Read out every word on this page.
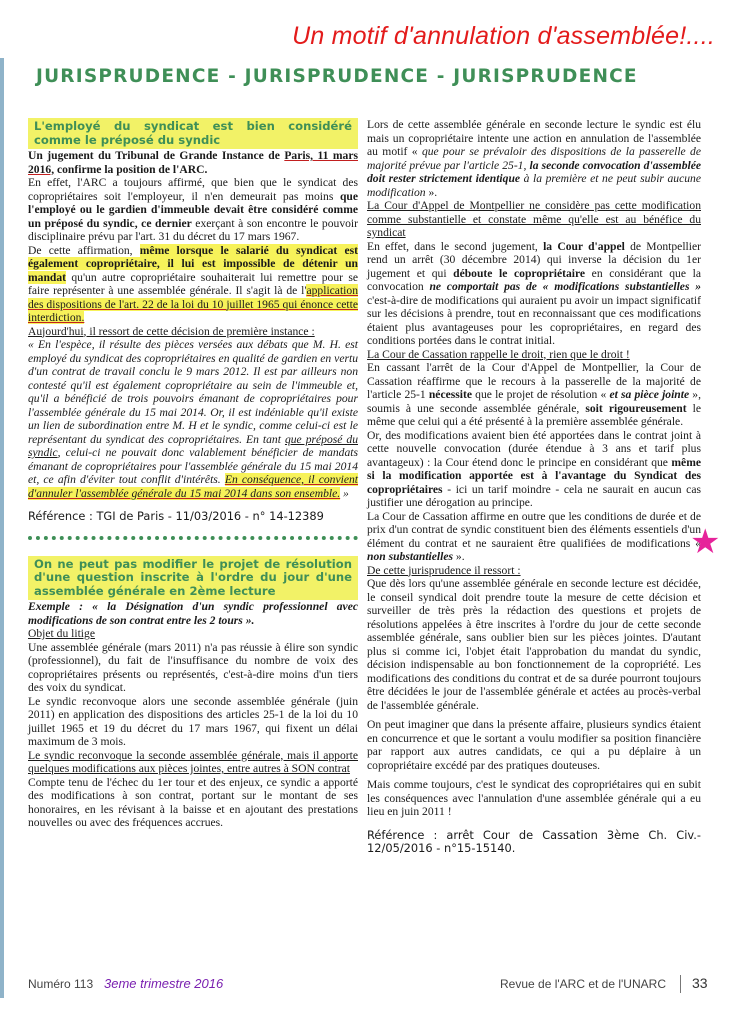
Un motif d'annulation d'assemblée!....
JURISPRUDENCE - JURISPRUDENCE - JURISPRUDENCE

L'employé du syndicat est bien considéré comme le préposé du syndic

Un jugement du Tribunal de Grande Instance de Paris, 11 mars 2016, confirme la position de l'ARC.

En effet, l'ARC a toujours affirmé, que bien que le syndicat des copropriétaires soit l'employeur, il n'en demeurait pas moins que l'employé ou le gardien d'immeuble devait être considéré comme un préposé du syndic, ce dernier exerçant à son encontre le pouvoir disciplinaire prévu par l'art. 31 du décret du 17 mars 1967.

De cette affirmation, même lorsque le salarié du syndicat est également copropriétaire, il lui est impossible de détenir un mandat qu'un autre copropriétaire souhaiterait lui remettre pour se faire représenter à une assemblée générale. Il s'agit là de l'application des dispositions de l'art. 22 de la loi du 10 juillet 1965 qui énonce cette interdiction.

Aujourd'hui, il ressort de cette décision de première instance :

« En l'espèce, il résulte des pièces versées aux débats que M. H. est employé du syndicat des copropriétaires en qualité de gardien en vertu d'un contrat de travail conclu le 9 mars 2012. Il est par ailleurs non contesté qu'il est également copropriétaire au sein de l'immeuble et, qu'il a bénéficié de trois pouvoirs émanant de copropriétaires pour l'assemblée générale du 15 mai 2014. Or, il est indéniable qu'il existe un lien de subordination entre M. H et le syndic, comme celui-ci est le représentant du syndicat des copropriétaires. En tant que préposé du syndic, celui-ci ne pouvait donc valablement bénéficier de mandats émanant de copropriétaires pour l'assemblée générale du 15 mai 2014 et, ce afin d'éviter tout conflit d'intérêts. En conséquence, il convient d'annuler l'assemblée générale du 15 mai 2014 dans son ensemble. »

Référence : TGI de Paris - 11/03/2016 - n° 14-12389

On ne peut pas modifier le projet de résolution d'une question inscrite à l'ordre du jour d'une assemblée générale en 2ème lecture

Exemple : « la Désignation d'un syndic professionnel avec modifications de son contrat entre les 2 tours ».

Objet du litige

Une assemblée générale (mars 2011) n'a pas réussie à élire son syndic (professionnel), du fait de l'insuffisance du nombre de voix des copropriétaires présents ou représentés, c'est-à-dire moins d'un tiers des voix du syndicat.

Le syndic reconvoque alors une seconde assemblée générale (juin 2011) en application des dispositions des articles 25-1 de la loi du 10 juillet 1965 et 19 du décret du 17 mars 1967, qui fixent un délai maximum de 3 mois.

Le syndic reconvoque la seconde assemblée générale, mais il apporte quelques modifications aux pièces jointes, entre autres à SON contrat

Compte tenu de l'échec du 1er tour et des enjeux, ce syndic a apporté des modifications à son contrat, portant sur le montant de ses honoraires, en les révisant à la baisse et en ajoutant des prestations nouvelles ou avec des fréquences accrues.

Lors de cette assemblée générale en seconde lecture le syndic est élu mais un copropriétaire intente une action en annulation de l'assemblée au motif « que pour se prévaloir des dispositions de la passerelle de majorité prévue par l'article 25-1, la seconde convocation d'assemblée doit rester strictement identique à la première et ne peut subir aucune modification ».

La Cour d'Appel de Montpellier ne considère pas cette modification comme substantielle et constate même qu'elle est au bénéfice du syndicat

En effet, dans le second jugement, la Cour d'appel de Montpellier rend un arrêt (30 décembre 2014) qui inverse la décision du 1er jugement et qui déboute le copropriétaire en considérant que la convocation ne comportait pas de « modifications substantielles » c'est-à-dire de modifications qui auraient pu avoir un impact significatif sur les décisions à prendre, tout en reconnaissant que ces modifications étaient plus avantageuses pour les copropriétaires, en regard des conditions portées dans le contrat initial.

La Cour de Cassation rappelle le droit, rien que le droit !

En cassant l'arrêt de la Cour d'Appel de Montpellier, la Cour de Cassation réaffirme que le recours à la passerelle de la majorité de l'article 25-1 nécessite que le projet de résolution « et sa pièce jointe », soumis à une seconde assemblée générale, soit rigoureusement le même que celui qui a été présenté à la première assemblée générale.

Or, des modifications avaient bien été apportées dans le contrat joint à cette nouvelle convocation (durée étendue à 3 ans et tarif plus avantageux) : la Cour étend donc le principe en considérant que même si la modification apportée est à l'avantage du Syndicat des copropriétaires - ici un tarif moindre - cela ne saurait en aucun cas justifier une dérogation au principe.

La Cour de Cassation affirme en outre que les conditions de durée et de prix d'un contrat de syndic constituent bien des éléments essentiels d'un élément du contrat et ne sauraient être qualifiées de modifications « non substantielles ».

De cette jurisprudence il ressort :

Que dès lors qu'une assemblée générale en seconde lecture est décidée, le conseil syndical doit prendre toute la mesure de cette décision et surveiller de très près la rédaction des questions et projets de résolutions appelées à être inscrites à l'ordre du jour de cette seconde assemblée générale, sans oublier bien sur les pièces jointes. D'autant plus si comme ici, l'objet était l'approbation du mandat du syndic, décision indispensable au bon fonctionnement de la copropriété. Les modifications des conditions du contrat et de sa durée pourront toujours être décidées le jour de l'assemblée générale et actées au procès-verbal de l'assemblée générale.

On peut imaginer que dans la présente affaire, plusieurs syndics étaient en concurrence et que le sortant a voulu modifier sa position financière par rapport aux autres candidats, ce qui a pu déplaire à un copropriétaire excédé par des pratiques douteuses.

Mais comme toujours, c'est le syndicat des copropriétaires qui en subit les conséquences avec l'annulation d'une assemblée générale qui a eu lieu en juin 2011 !

Référence : arrêt Cour de Cassation 3ème Ch. Civ.- 12/05/2016 - n°15-15140.

★
Numéro 113 3eme trimestre 2016	Revue de l'ARC et de l'UNARC 33
